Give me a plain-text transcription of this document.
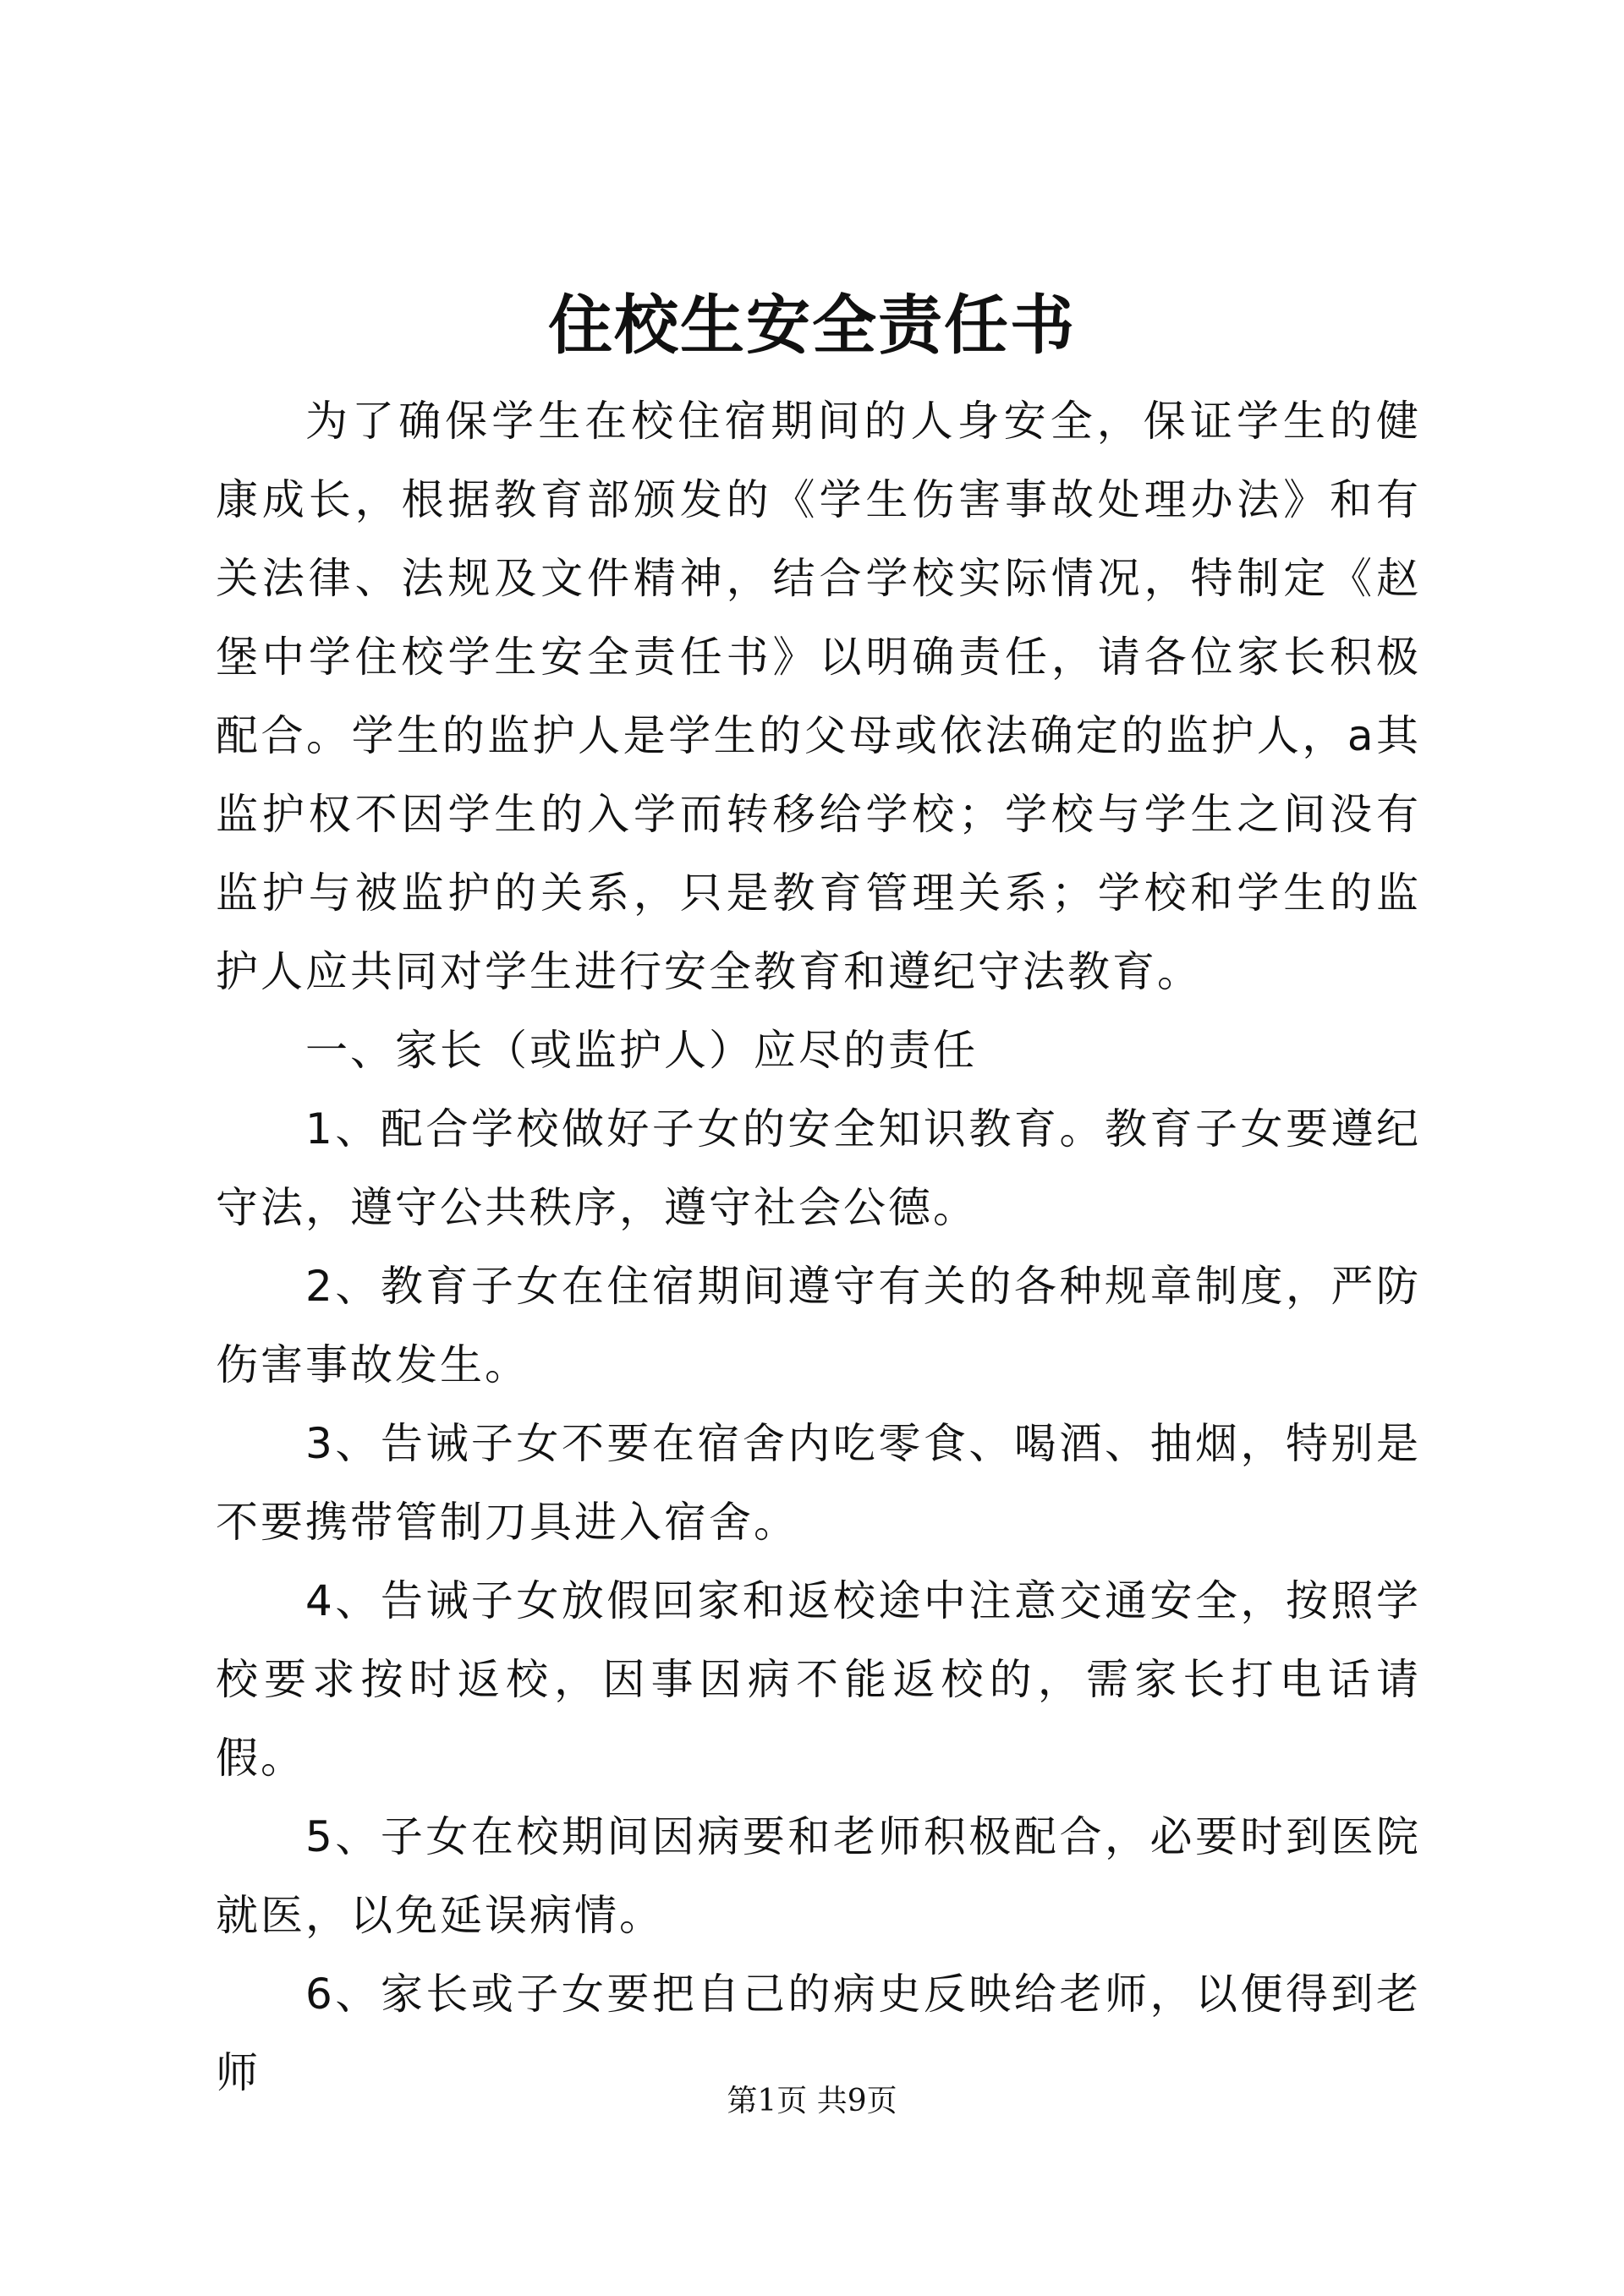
住校生安全责任书

为了确保学生在校住宿期间的人身安全，保证学生的健康成长，根据教育部颁发的《学生伤害事故处理办法》和有关法律、法规及文件精神，结合学校实际情况，特制定《赵堡中学住校学生安全责任书》以明确责任，请各位家长积极配合。学生的监护人是学生的父母或依法确定的监护人，a其监护权不因学生的入学而转移给学校；学校与学生之间没有监护与被监护的关系，只是教育管理关系；学校和学生的监护人应共同对学生进行安全教育和遵纪守法教育。

一、家长（或监护人）应尽的责任

1、配合学校做好子女的安全知识教育。教育子女要遵纪守法，遵守公共秩序，遵守社会公德。

2、教育子女在住宿期间遵守有关的各种规章制度，严防伤害事故发生。

3、告诫子女不要在宿舍内吃零食、喝酒、抽烟，特别是不要携带管制刀具进入宿舍。

4、告诫子女放假回家和返校途中注意交通安全，按照学校要求按时返校，因事因病不能返校的，需家长打电话请假。

5、子女在校期间因病要和老师积极配合，必要时到医院就医，以免延误病情。

6、家长或子女要把自己的病史反映给老师，以便得到老师

第1页 共9页
